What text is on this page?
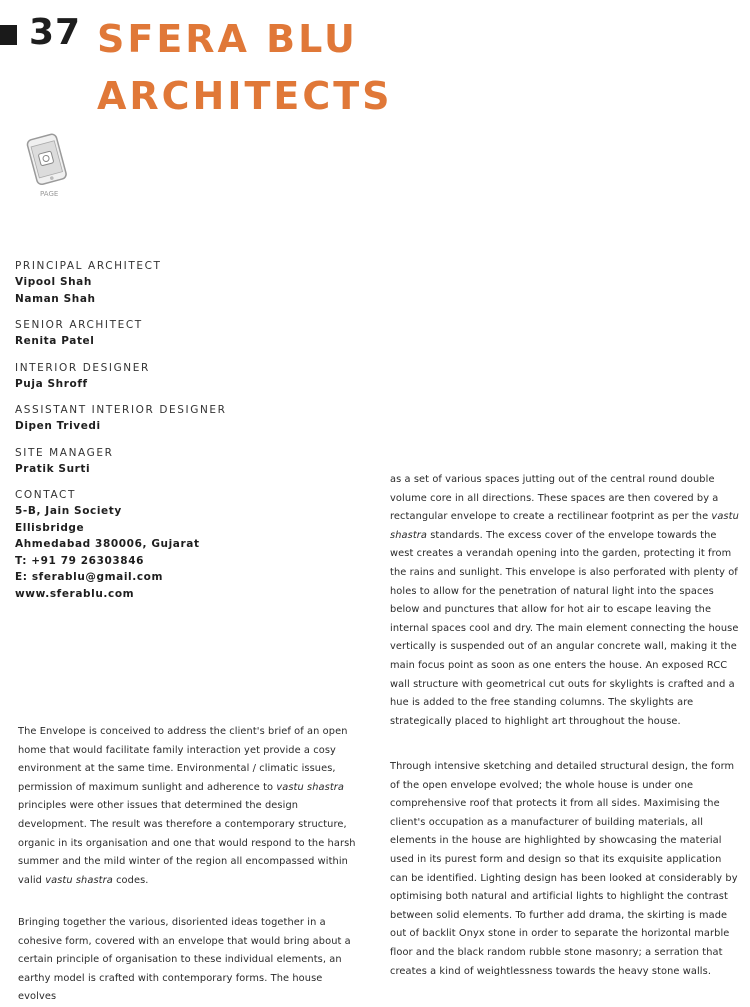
37 SFERA BLU
ARCHITECTS
PAGE
PRINCIPAL ARCHITECT
Vipool Shah
Naman Shah
SENIOR ARCHITECT
Renita Patel
INTERIOR DESIGNER
Puja Shroff
ASSISTANT INTERIOR DESIGNER
Dipen Trivedi
SITE MANAGER
Pratik Surti
CONTACT
5-B, Jain Society
Ellisbridge
Ahmedabad 380006, Gujarat
T: +91 79 26303846
E: sferablu@gmail.com
www.sferablu.com
The Envelope is conceived to address the client's brief of an open home that would facilitate family interaction yet provide a cosy environment at the same time. Environmental / climatic issues, permission of maximum sunlight and adherence to vastu shastra principles were other issues that determined the design development. The result was therefore a contemporary structure, organic in its organisation and one that would respond to the harsh summer and the mild winter of the region all encompassed within valid vastu shastra codes.
Bringing together the various, disoriented ideas together in a cohesive form, covered with an envelope that would bring about a certain principle of organisation to these individual elements, an earthy model is crafted with contemporary forms. The house evolves
as a set of various spaces jutting out of the central round double volume core in all directions. These spaces are then covered by a rectangular envelope to create a rectilinear footprint as per the vastu shastra standards. The excess cover of the envelope towards the west creates a verandah opening into the garden, protecting it from the rains and sunlight. This envelope is also perforated with plenty of holes to allow for the penetration of natural light into the spaces below and punctures that allow for hot air to escape leaving the internal spaces cool and dry. The main element connecting the house vertically is suspended out of an angular concrete wall, making it the main focus point as soon as one enters the house. An exposed RCC wall structure with geometrical cut outs for skylights is crafted and a hue is added to the free standing columns. The skylights are strategically placed to highlight art throughout the house.
Through intensive sketching and detailed structural design, the form of the open envelope evolved; the whole house is under one comprehensive roof that protects it from all sides. Maximising the client's occupation as a manufacturer of building materials, all elements in the house are highlighted by showcasing the material used in its purest form and design so that its exquisite application can be identified. Lighting design has been looked at considerably by optimising both natural and artificial lights to highlight the contrast between solid elements. To further add drama, the skirting is made out of backlit Onyx stone in order to separate the horizontal marble floor and the black random rubble stone masonry; a serration that creates a kind of weightlessness towards the heavy stone walls.
